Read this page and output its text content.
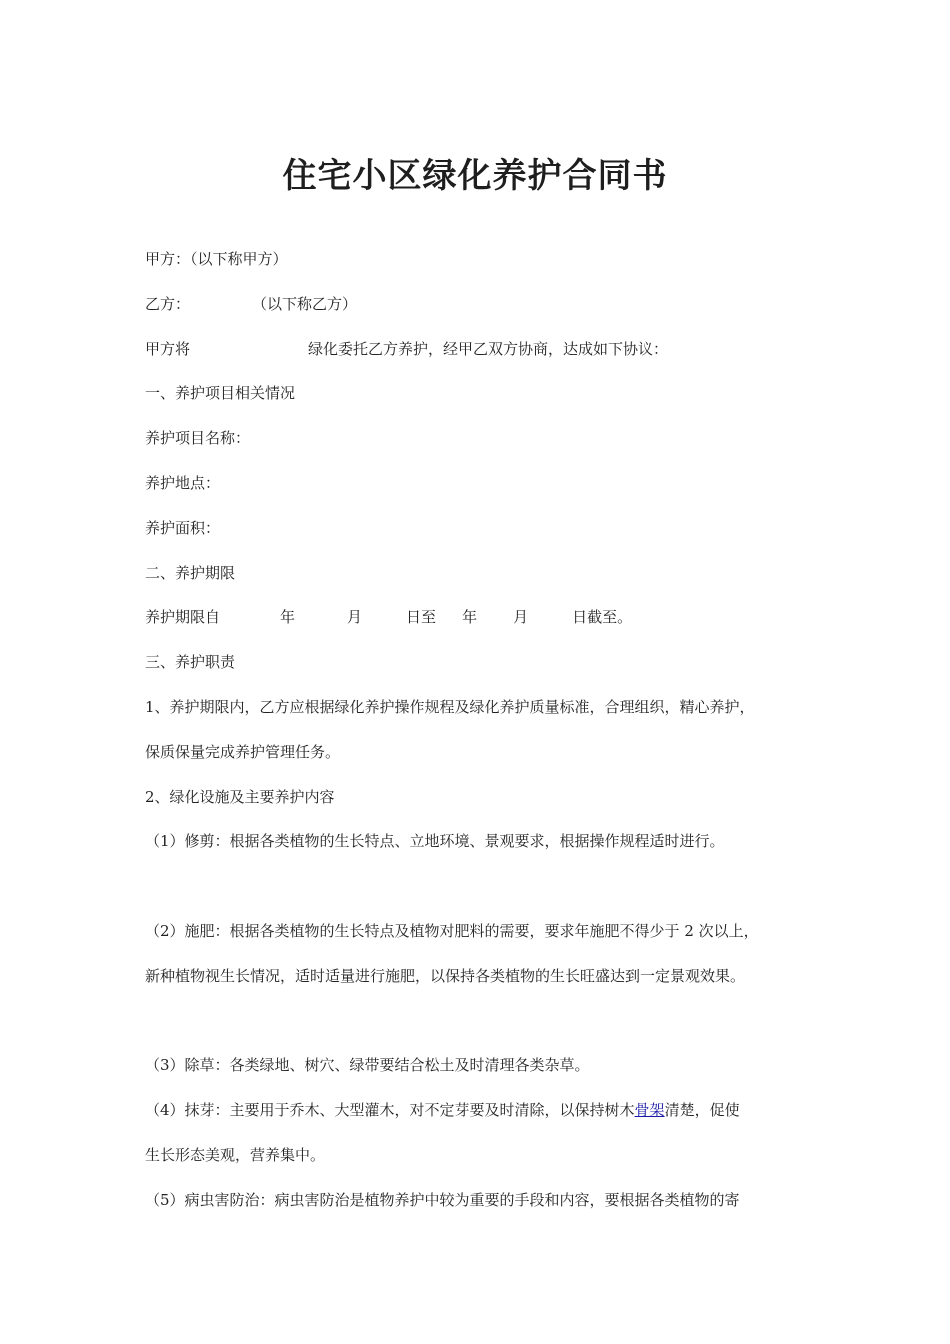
住宅小区绿化养护合同书
甲方：（以下称甲方）
乙方：	（以下称乙方）
甲方将	绿化委托乙方养护，经甲乙双方协商，达成如下协议：
一、养护项目相关情况
养护项目名称：
养护地点：
养护面积：
二、养护期限
养护期限自	年	月	日至 年 月	日截至。
三、养护职责
1、养护期限内，乙方应根据绿化养护操作规程及绿化养护质量标准，合理组织，精心养护，
保质保量完成养护管理任务。
2、绿化设施及主要养护内容
（1）修剪：根据各类植物的生长特点、立地环境、景观要求，根据操作规程适时进行。
（2）施肥：根据各类植物的生长特点及植物对肥料的需要，要求年施肥不得少于 2 次以上，
新种植物视生长情况，适时适量进行施肥，以保持各类植物的生长旺盛达到一定景观效果。
（3）除草：各类绿地、树穴、绿带要结合松土及时清理各类杂草。
（4）抹芽：主要用于乔木、大型灌木，对不定芽要及时清除，以保持树木骨架清楚，促使
生长形态美观，营养集中。
（5）病虫害防治：病虫害防治是植物养护中较为重要的手段和内容，要根据各类植物的寄
